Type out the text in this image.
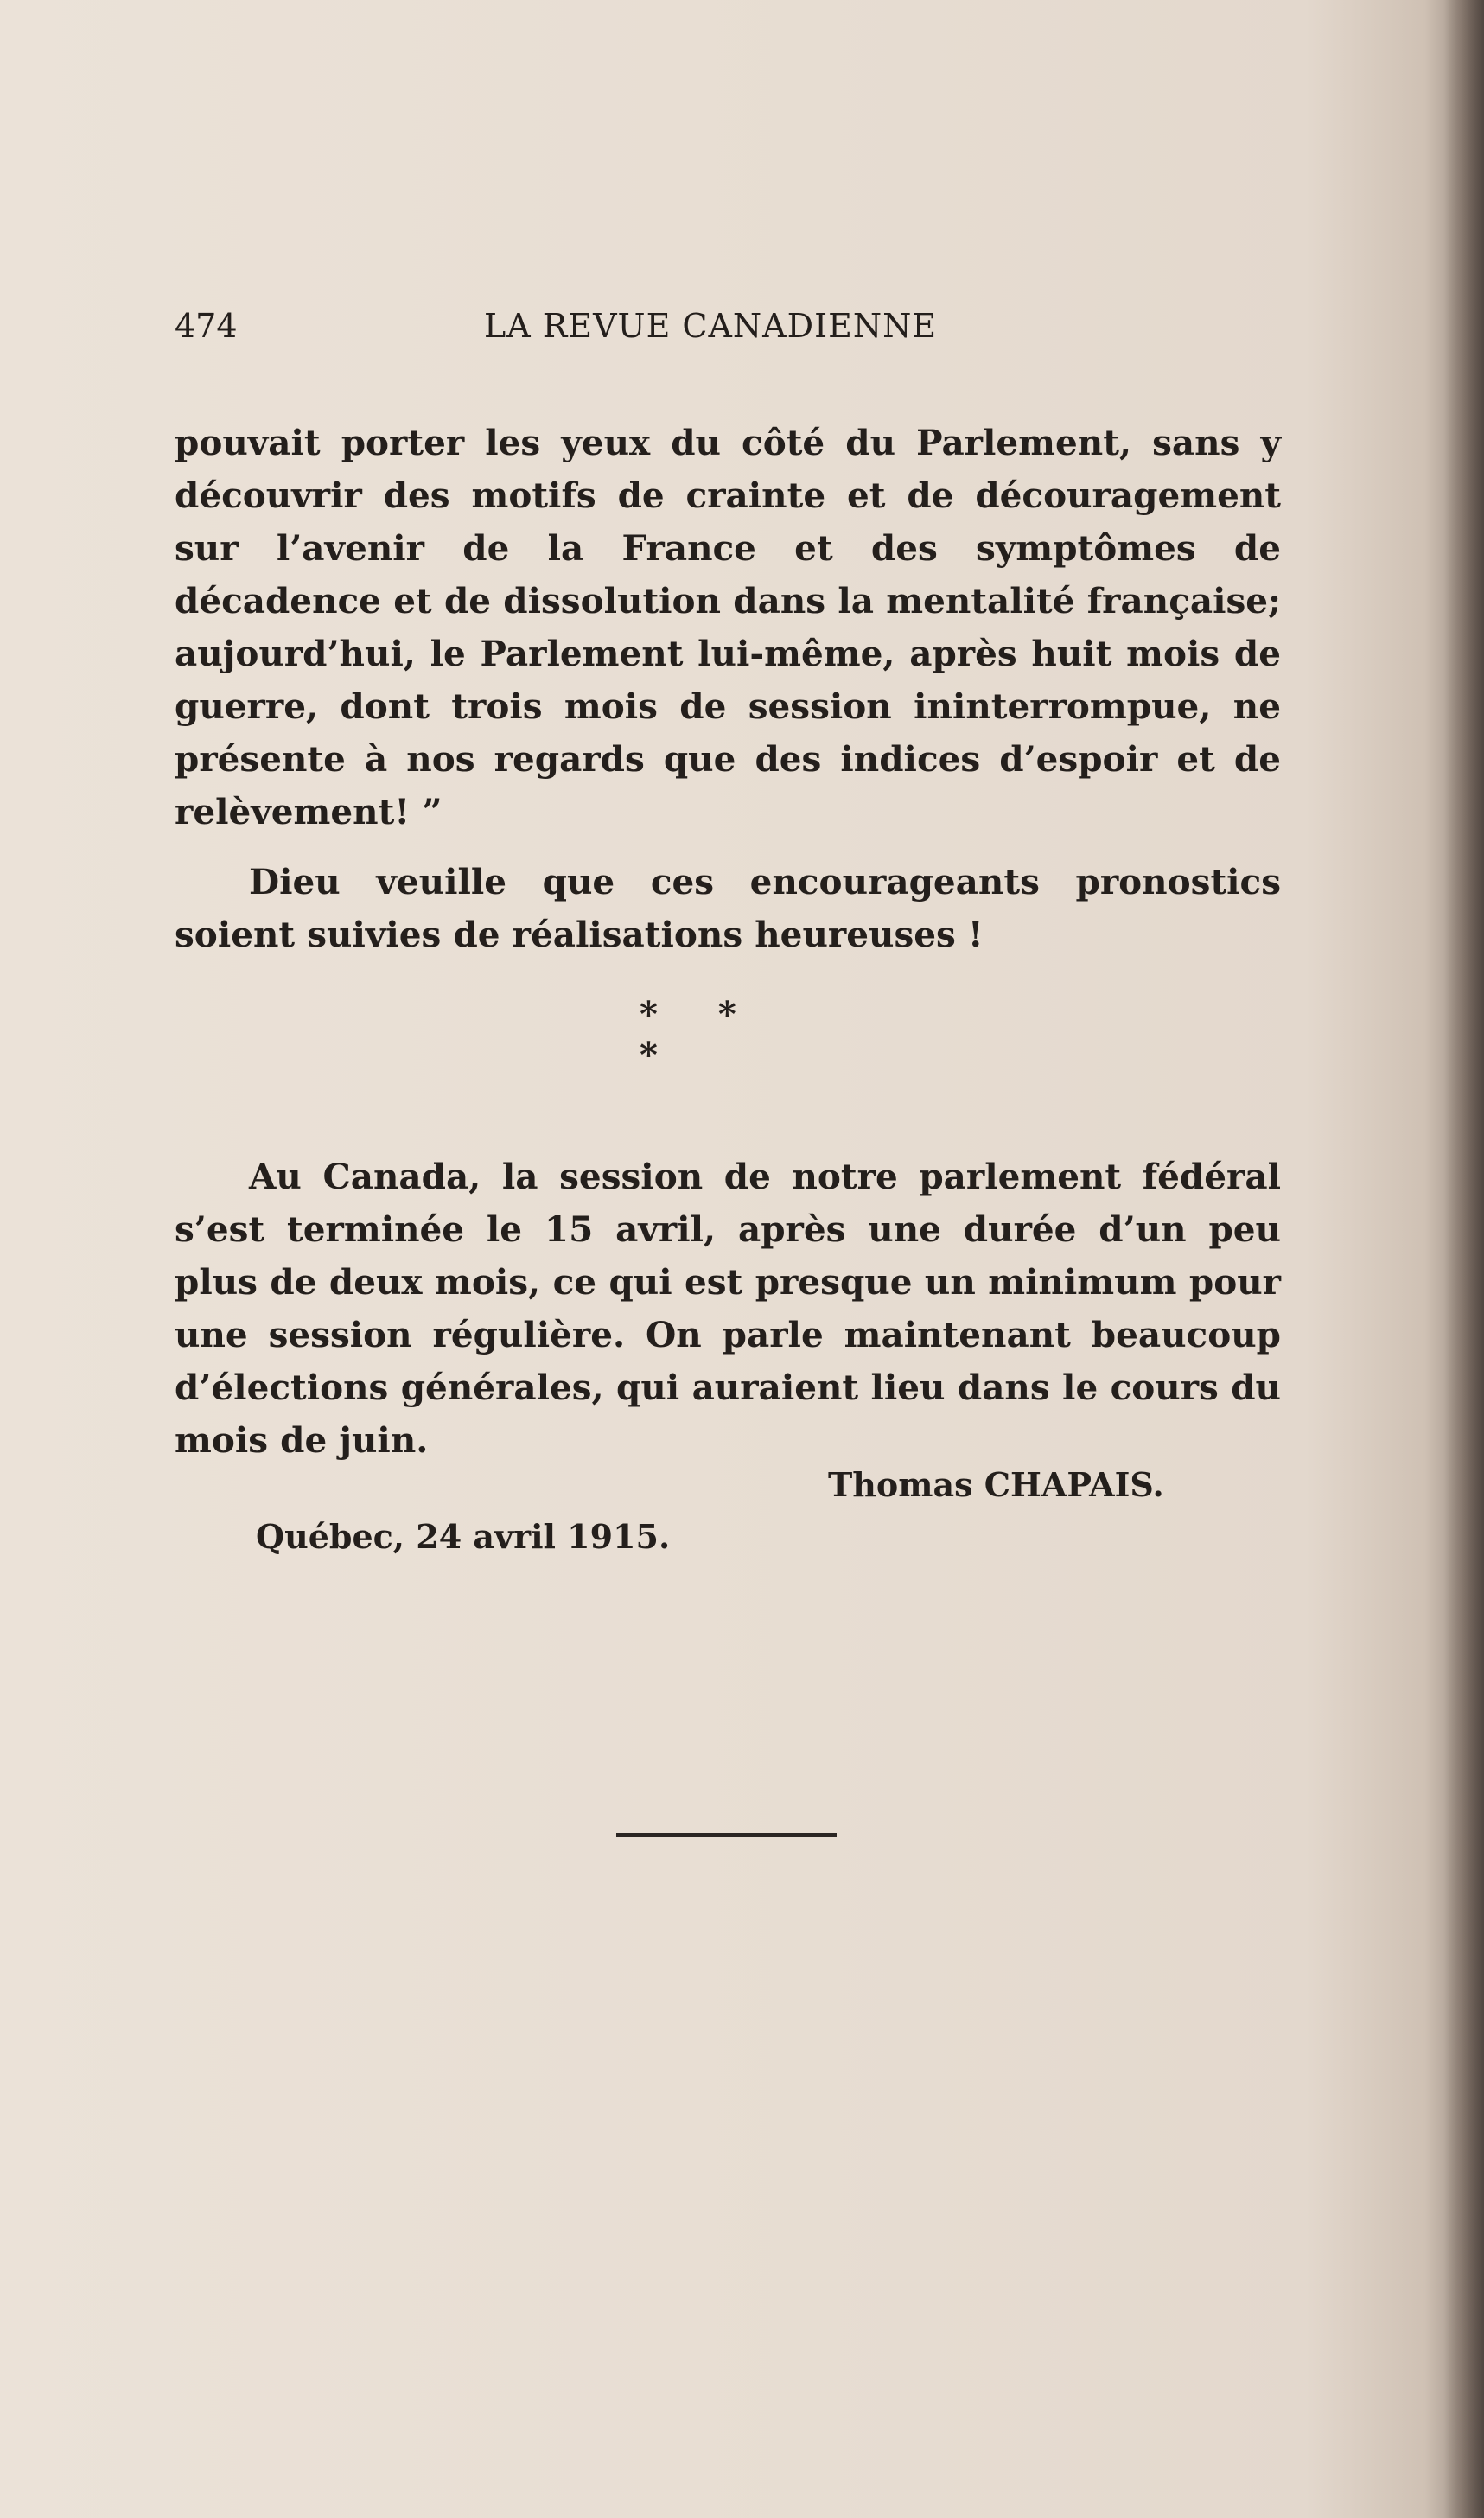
474	LA REVUE CANADIENNE

pouvait porter les yeux du côté du Parlement, sans y découvrir des motifs de crainte et de découragement sur l’avenir de la France et des symptômes de décadence et de dissolution dans la mentalité française; aujourd’hui, le Parlement lui-même, après huit mois de guerre, dont trois mois de session ininterrompue, ne présente à nos regards que des indices d’espoir et de relèvement! ”

Dieu veuille que ces encourageants pronostics soient suivies de réalisations heureuses !

* * *

Au Canada, la session de notre parlement fédéral s’est terminée le 15 avril, après une durée d’un peu plus de deux mois, ce qui est presque un minimum pour une session régulière. On parle maintenant beaucoup d’élections générales, qui auraient lieu dans le cours du mois de juin.

Thomas CHAPAIS.
Québec, 24 avril 1915.
